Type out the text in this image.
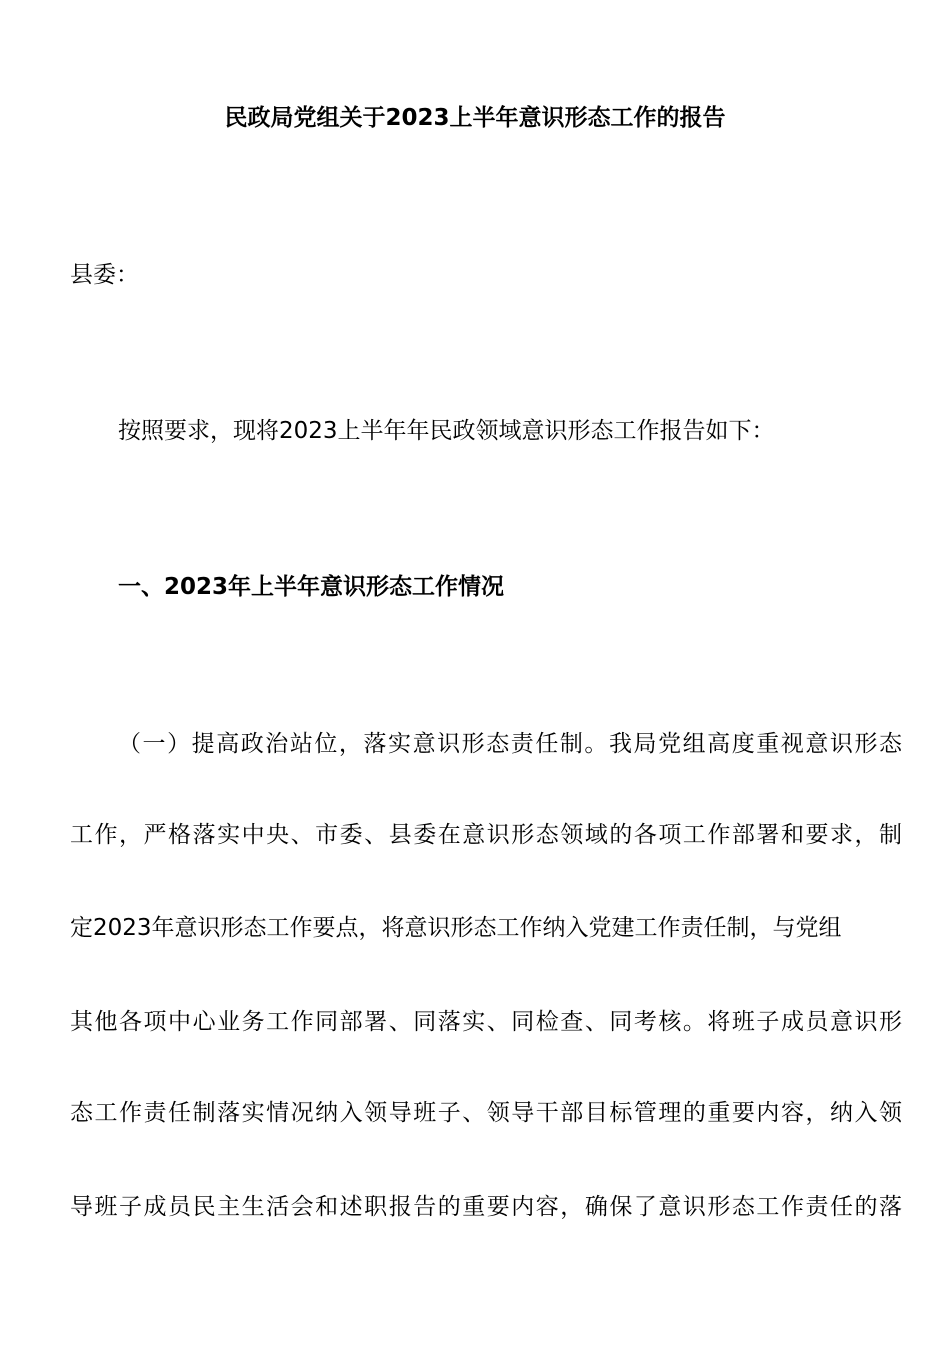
民政局党组关于2023上半年意识形态工作的报告
县委：
按照要求，现将2023上半年年民政领域意识形态工作报告如下：
一、2023年上半年意识形态工作情况
（一）提高政治站位，落实意识形态责任制。我局党组高度重视意识形态
工作，严格落实中央、市委、县委在意识形态领域的各项工作部署和要求，制
定2023年意识形态工作要点，将意识形态工作纳入党建工作责任制，与党组
其他各项中心业务工作同部署、同落实、同检查、同考核。将班子成员意识形
态工作责任制落实情况纳入领导班子、领导干部目标管理的重要内容，纳入领
导班子成员民主生活会和述职报告的重要内容，确保了意识形态工作责任的落
